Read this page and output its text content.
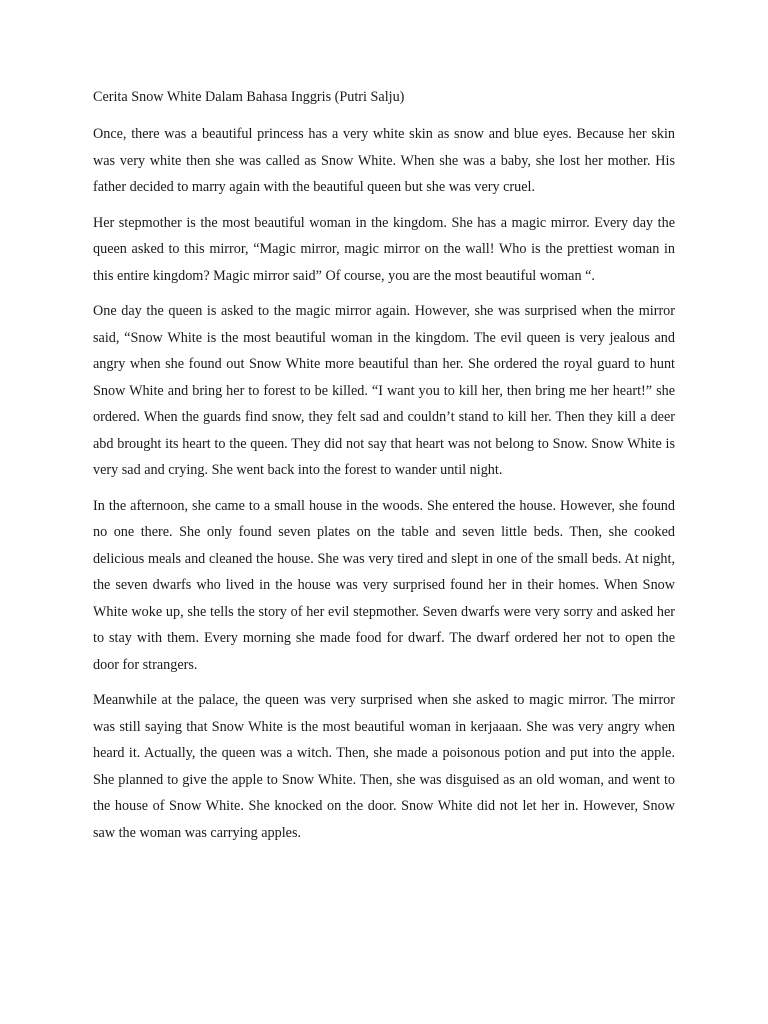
Cerita Snow White Dalam Bahasa Inggris (Putri Salju)

Once, there was a beautiful princess has a very white skin as snow and blue eyes. Because her skin was very white then she was called as Snow White. When she was a baby, she lost her mother. His father decided to marry again with the beautiful queen but she was very cruel.

Her stepmother is the most beautiful woman in the kingdom. She has a magic mirror. Every day the queen asked to this mirror, “Magic mirror, magic mirror on the wall! Who is the prettiest woman in this entire kingdom? Magic mirror said” Of course, you are the most beautiful woman “.

One day the queen is asked to the magic mirror again. However, she was surprised when the mirror said, “Snow White is the most beautiful woman in the kingdom. The evil queen is very jealous and angry when she found out Snow White more beautiful than her. She ordered the royal guard to hunt Snow White and bring her to forest to be killed. “I want you to kill her, then bring me her heart!” she ordered. When the guards find snow, they felt sad and couldn’t stand to kill her. Then they kill a deer abd brought its heart to the queen. They did not say that heart was not belong to Snow. Snow White is very sad and crying. She went back into the forest to wander until night.

In the afternoon, she came to a small house in the woods. She entered the house. However, she found no one there. She only found seven plates on the table and seven little beds. Then, she cooked delicious meals and cleaned the house. She was very tired and slept in one of the small beds. At night, the seven dwarfs who lived in the house was very surprised found her in their homes. When Snow White woke up, she tells the story of her evil stepmother. Seven dwarfs were very sorry and asked her to stay with them. Every morning she made food for dwarf. The dwarf ordered her not to open the door for strangers.

Meanwhile at the palace, the queen was very surprised when she asked to magic mirror. The mirror was still saying that Snow White is the most beautiful woman in kerjaaan. She was very angry when heard it. Actually, the queen was a witch. Then, she made a poisonous potion and put into the apple. She planned to give the apple to Snow White. Then, she was disguised as an old woman, and went to the house of Snow White. She knocked on the door. Snow White did not let her in. However, Snow saw the woman was carrying apples.
